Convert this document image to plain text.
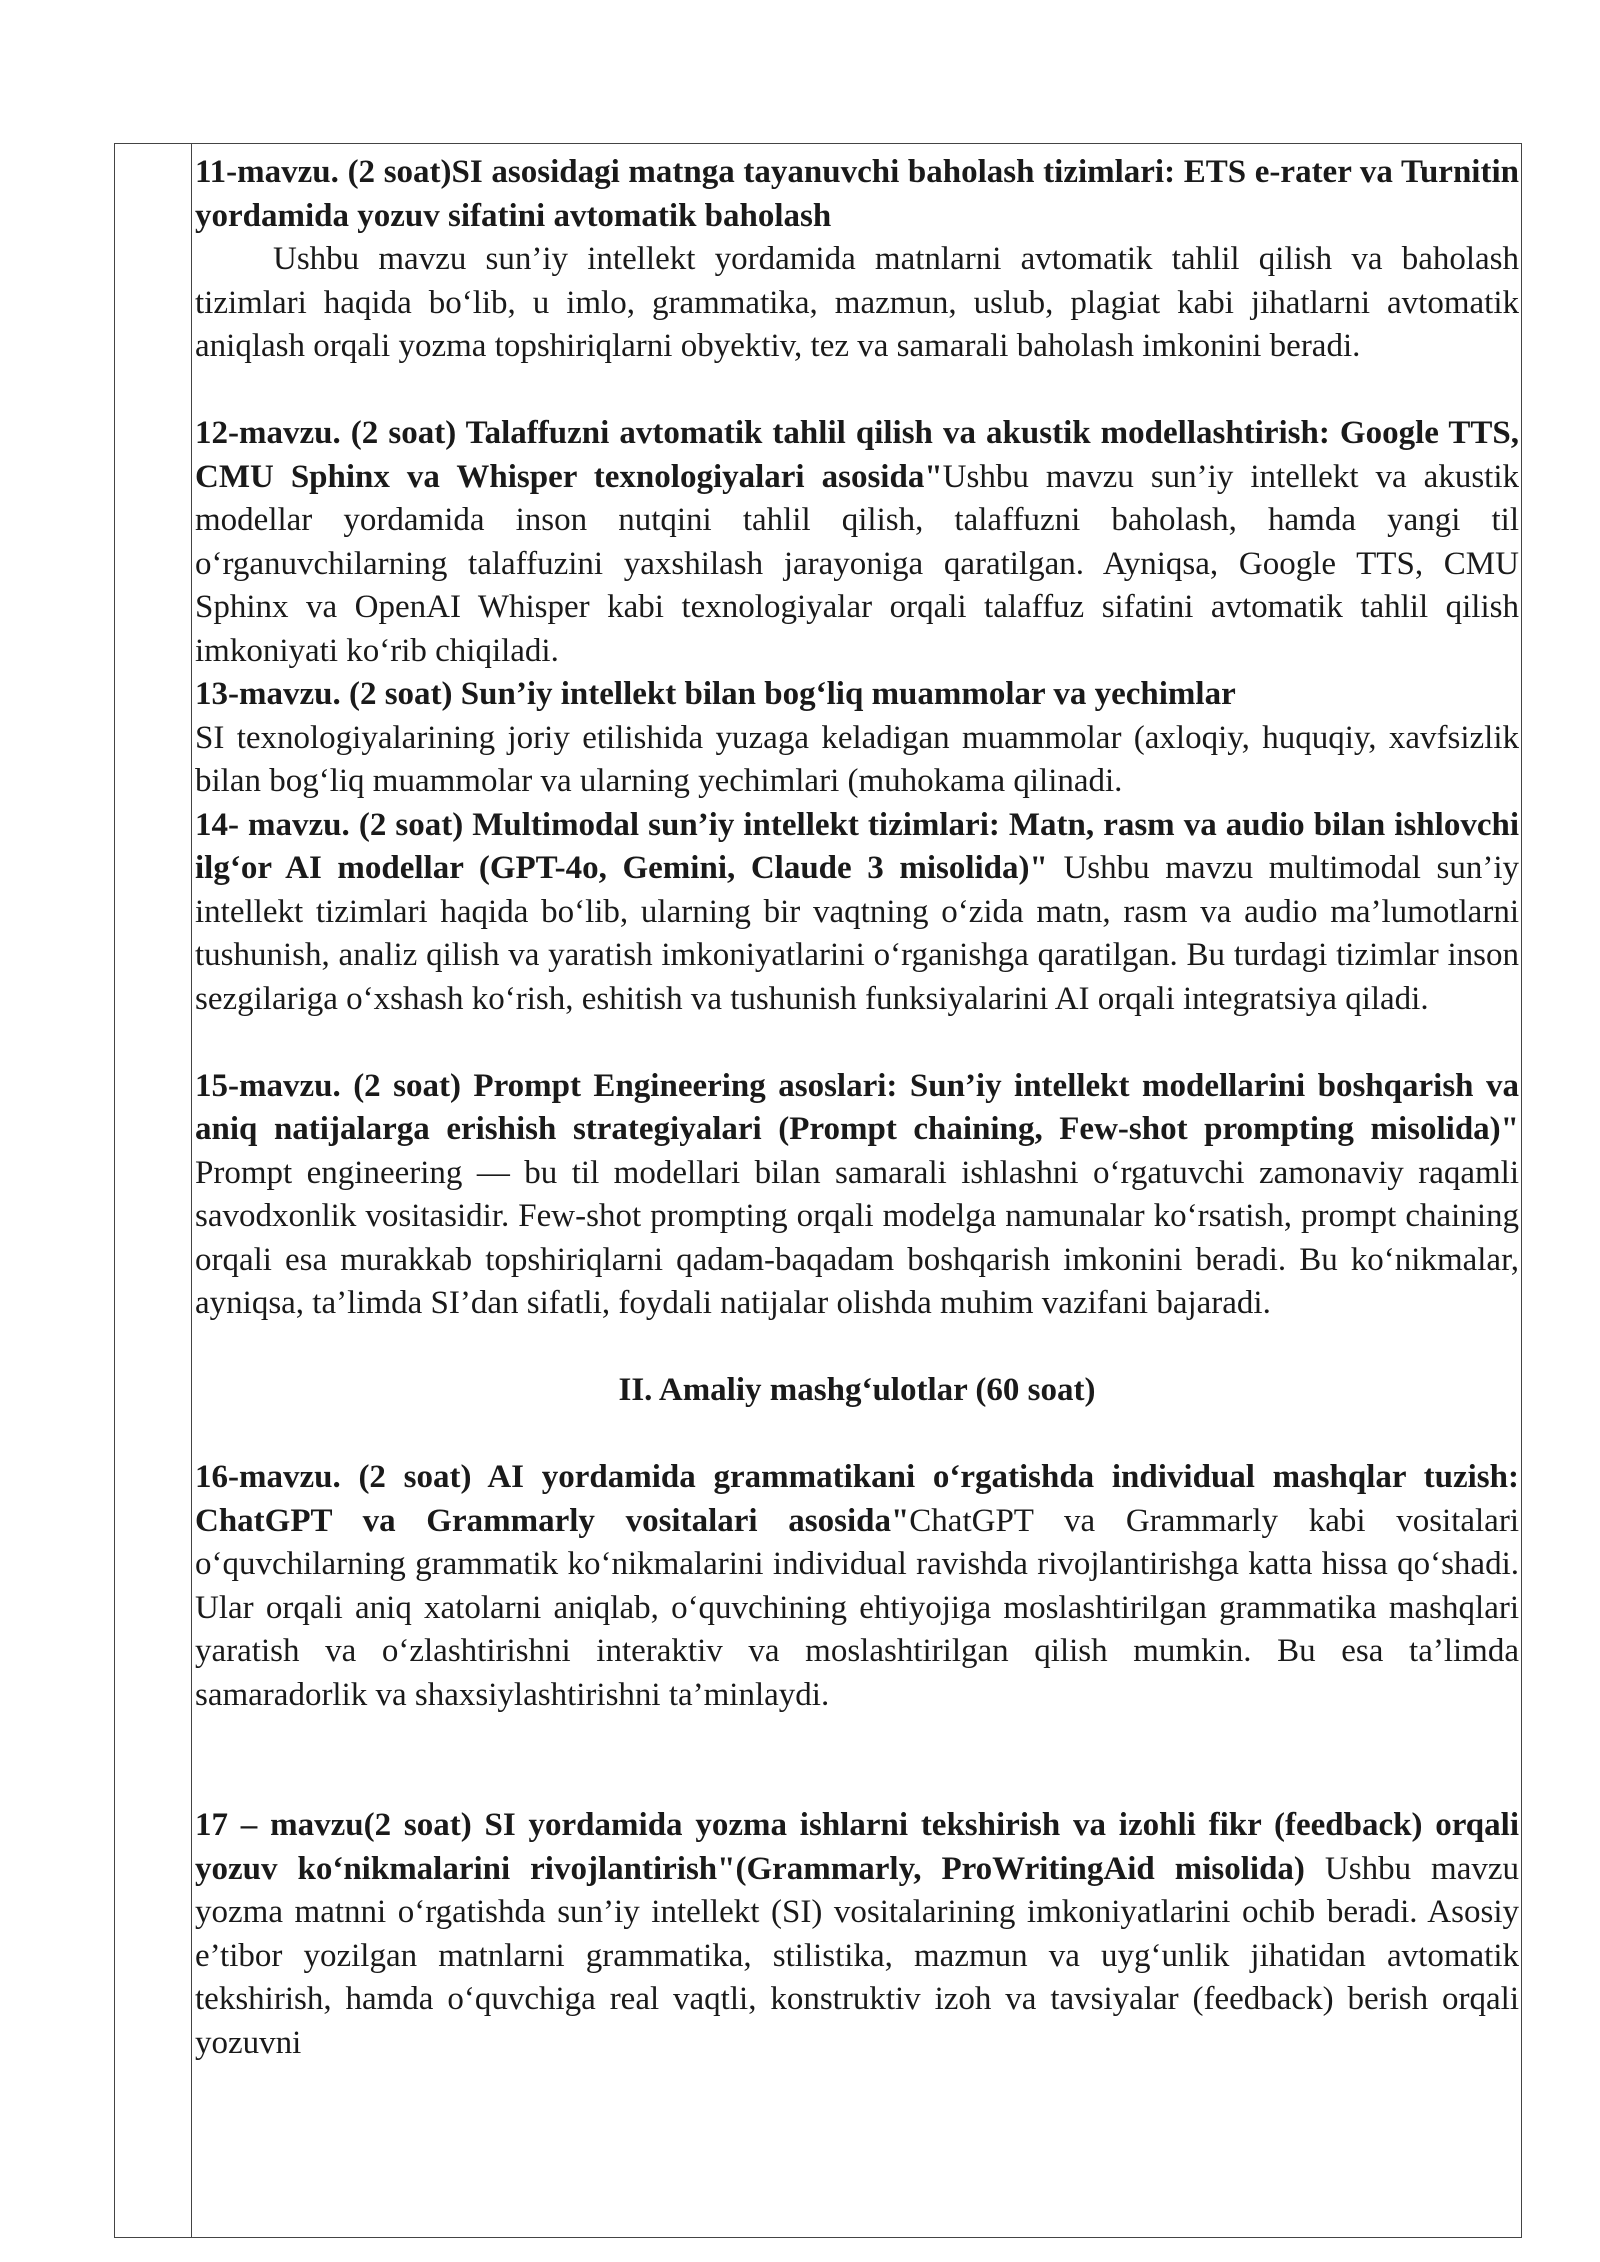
11-mavzu. (2 soat)SI asosidagi matnga tayanuvchi baholash tizimlari: ETS e-rater va Turnitin yordamida yozuv sifatini avtomatik baholash

Ushbu mavzu sun’iy intellekt yordamida matnlarni avtomatik tahlil qilish va baholash tizimlari haqida bo‘lib, u imlo, grammatika, mazmun, uslub, plagiat kabi jihatlarni avtomatik aniqlash orqali yozma topshiriqlarni obyektiv, tez va samarali baholash imkonini beradi.

12-mavzu. (2 soat) Talaffuzni avtomatik tahlil qilish va akustik modellashtirish: Google TTS, CMU Sphinx va Whisper texnologiyalari asosida"Ushbu mavzu sun’iy intellekt va akustik modellar yordamida inson nutqini tahlil qilish, talaffuzni baholash, hamda yangi til o‘rganuvchilarning talaffuzini yaxshilash jarayoniga qaratilgan. Ayniqsa, Google TTS, CMU Sphinx va OpenAI Whisper kabi texnologiyalar orqali talaffuz sifatini avtomatik tahlil qilish imkoniyati ko‘rib chiqiladi.

13-mavzu. (2 soat) Sun’iy intellekt bilan bog‘liq muammolar va yechimlar

SI texnologiyalarining joriy etilishida yuzaga keladigan muammolar (axloqiy, huquqiy, xavfsizlik bilan bog‘liq muammolar va ularning yechimlari (muhokama qilinadi.

14- mavzu. (2 soat) Multimodal sun’iy intellekt tizimlari: Matn, rasm va audio bilan ishlovchi ilg‘or AI modellar (GPT-4o, Gemini, Claude 3 misolida)" Ushbu mavzu multimodal sun’iy intellekt tizimlari haqida bo‘lib, ularning bir vaqtning o‘zida matn, rasm va audio ma’lumotlarni tushunish, analiz qilish va yaratish imkoniyatlarini o‘rganishga qaratilgan. Bu turdagi tizimlar inson sezgilariga o‘xshash ko‘rish, eshitish va tushunish funksiyalarini AI orqali integratsiya qiladi.

15-mavzu. (2 soat) Prompt Engineering asoslari: Sun’iy intellekt modellarini boshqarish va aniq natijalarga erishish strategiyalari (Prompt chaining, Few-shot prompting misolida)" Prompt engineering — bu til modellari bilan samarali ishlashni o‘rgatuvchi zamonaviy raqamli savodxonlik vositasidir. Few-shot prompting orqali modelga namunalar ko‘rsatish, prompt chaining orqali esa murakkab topshiriqlarni qadam-baqadam boshqarish imkonini beradi. Bu ko‘nikmalar, ayniqsa, ta’limda SI’dan sifatli, foydali natijalar olishda muhim vazifani bajaradi.

II. Amaliy mashg‘ulotlar (60 soat)

16-mavzu. (2 soat) AI yordamida grammatikani o‘rgatishda individual mashqlar tuzish: ChatGPT va Grammarly vositalari asosida"ChatGPT va Grammarly kabi vositalari o‘quvchilarning grammatik ko‘nikmalarini individual ravishda rivojlantirishga katta hissa qo‘shadi. Ular orqali aniq xatolarni aniqlab, o‘quvchining ehtiyojiga moslashtirilgan grammatika mashqlari yaratish va o‘zlashtirishni interaktiv va moslashtirilgan qilish mumkin. Bu esa ta’limda samaradorlik va shaxsiylashtirishni ta’minlaydi.

17 – mavzu(2 soat) SI yordamida yozma ishlarni tekshirish va izohli fikr (feedback) orqali yozuv ko‘nikmalarini rivojlantirish"(Grammarly, ProWritingAid misolida) Ushbu mavzu yozma matnni o‘rgatishda sun’iy intellekt (SI) vositalarining imkoniyatlarini ochib beradi. Asosiy e’tibor yozilgan matnlarni grammatika, stilistika, mazmun va uyg‘unlik jihatidan avtomatik tekshirish, hamda o‘quvchiga real vaqtli, konstruktiv izoh va tavsiyalar (feedback) berish orqali yozuvni
